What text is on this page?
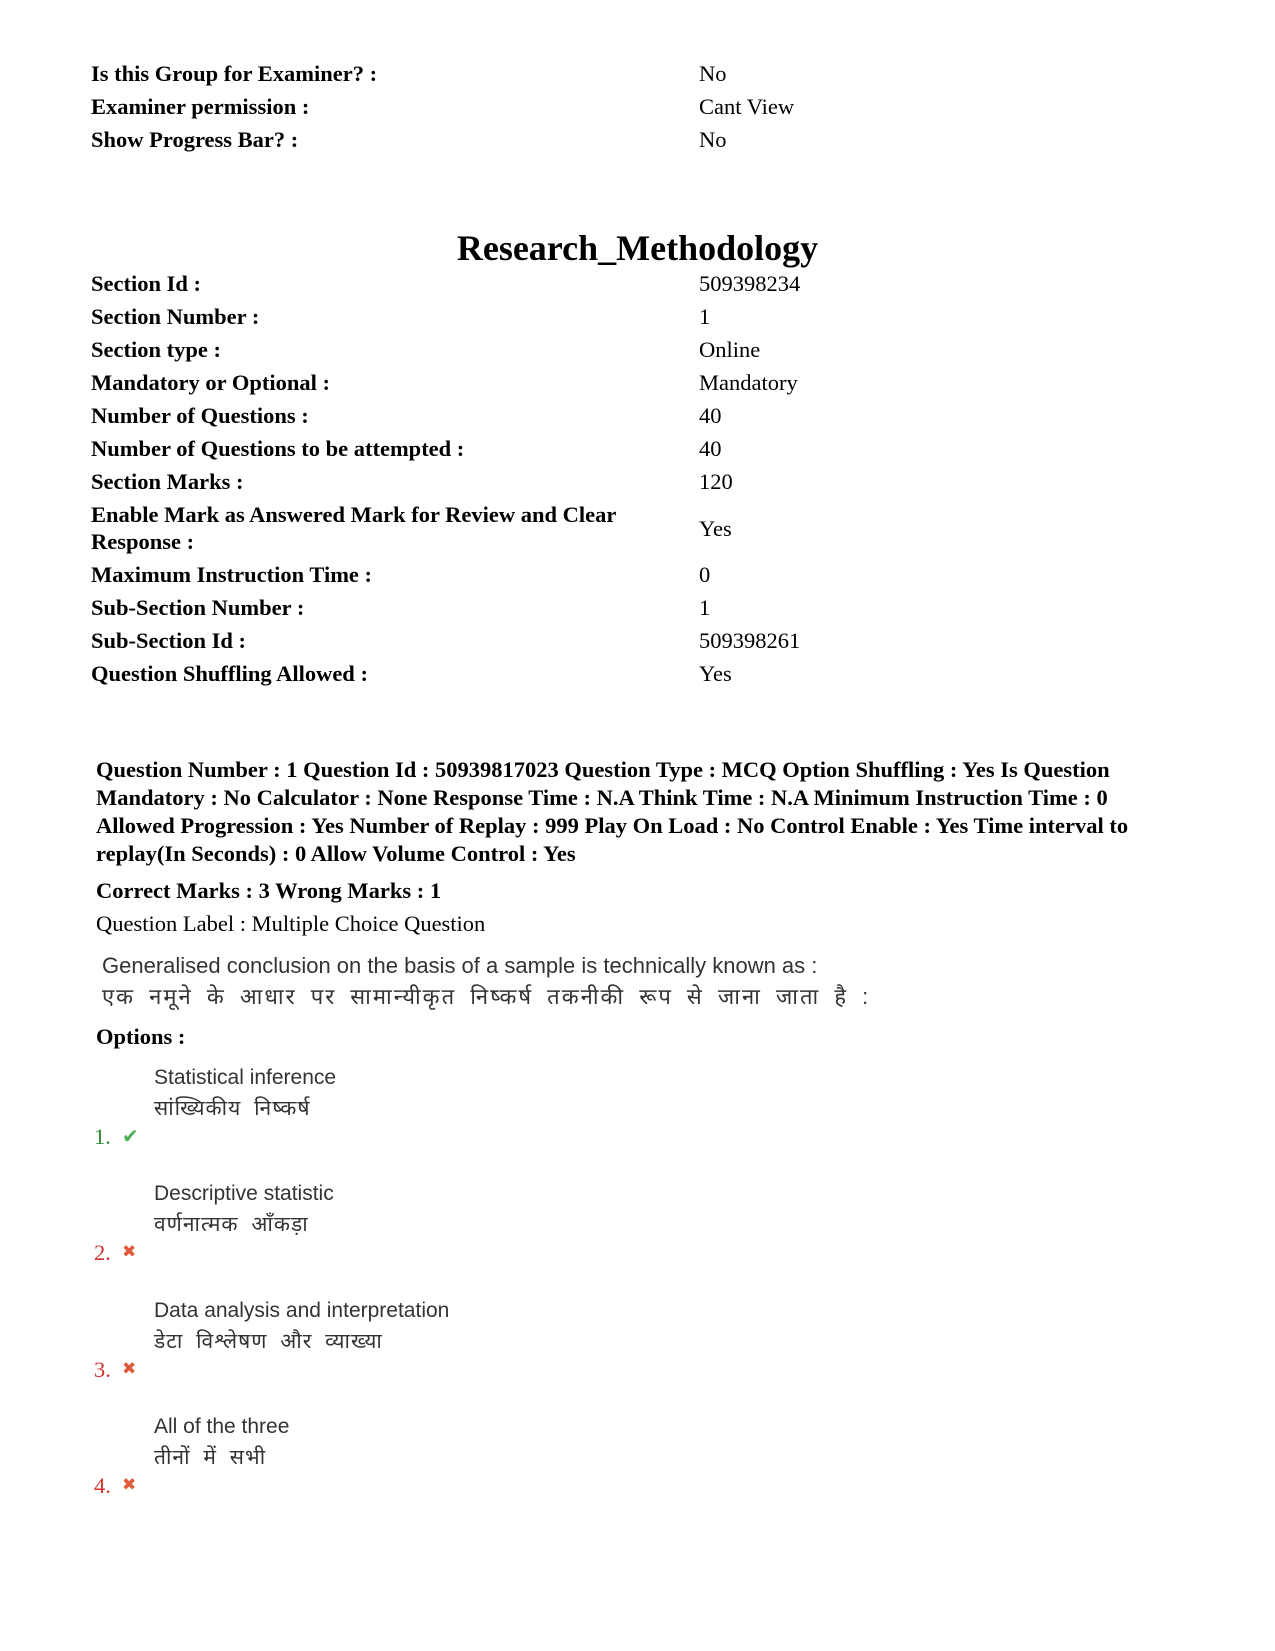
Is this Group for Examiner? :	No
Examiner permission :	Cant View
Show Progress Bar? :	No
Research_Methodology
Section Id :	509398234
Section Number :	1
Section type :	Online
Mandatory or Optional :	Mandatory
Number of Questions :	40
Number of Questions to be attempted :	40
Section Marks :	120
Enable Mark as Answered Mark for Review and Clear Response :	Yes
Maximum Instruction Time :	0
Sub-Section Number :	1
Sub-Section Id :	509398261
Question Shuffling Allowed :	Yes

Question Number : 1 Question Id : 50939817023 Question Type : MCQ Option Shuffling : Yes Is Question Mandatory : No Calculator : None Response Time : N.A Think Time : N.A Minimum Instruction Time : 0 Allowed Progression : Yes Number of Replay : 999 Play On Load : No Control Enable : Yes Time interval to replay(In Seconds) : 0 Allow Volume Control : Yes

Correct Marks : 3 Wrong Marks : 1

Question Label : Multiple Choice Question

Generalised conclusion on the basis of a sample is technically known as :
एक नमूने के आधार पर सामान्यीकृत निष्कर्ष तकनीकी रूप से जाना जाता है :

Options :

1. ✔
Statistical inference
सांख्यिकीय निष्कर्ष
2. ✖
Descriptive statistic
वर्णनात्मक आँकड़ा
3. ✖
Data analysis and interpretation
डेटा विश्लेषण और व्याख्या
4. ✖
All of the three
तीनों में सभी
